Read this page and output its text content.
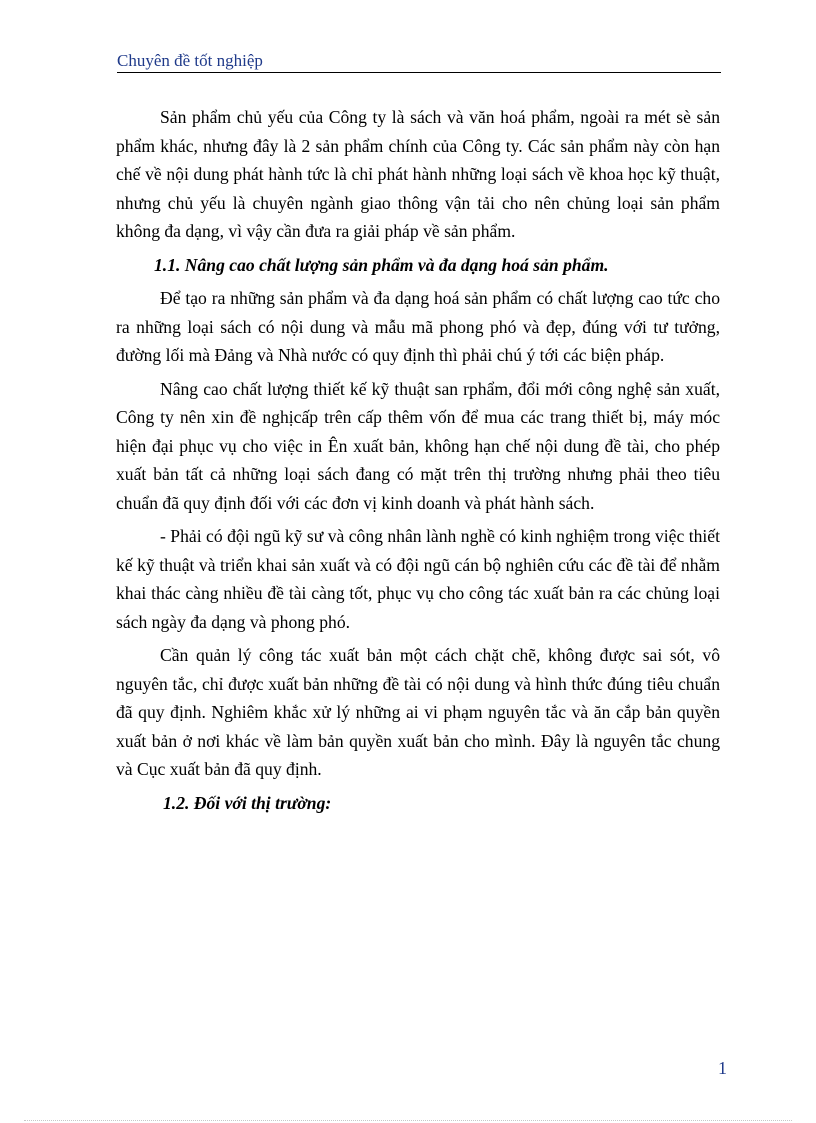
Chuyên đề tốt nghiệp

Sản phẩm chủ yếu của Công ty là sách và văn hoá phẩm, ngoài ra mét sè sản phẩm khác, nhưng đây là 2 sản phẩm chính của Công ty. Các sản phẩm này còn hạn chế về nội dung phát hành tức là chỉ phát hành những loại sách về khoa học kỹ thuật, nhưng chủ yếu là chuyên ngành giao thông vận tải cho nên chủng loại sản phẩm không đa dạng, vì vậy cần đưa ra giải pháp về sản phẩm.

1.1. Nâng cao chất lượng sản phẩm và đa dạng hoá sản phẩm.

Để tạo ra những sản phẩm và đa dạng hoá sản phẩm có chất lượng cao tức cho ra những loại sách có nội dung và mẫu mã phong phó và đẹp, đúng với tư tưởng, đường lối mà Đảng và Nhà nước có quy định thì phải chú ý tới các biện pháp.

Nâng cao chất lượng thiết kế kỹ thuật san rphẩm, đổi mới công nghệ sản xuất, Công ty nên xin đề nghịcấp trên cấp thêm vốn để mua các trang thiết bị, máy móc hiện đại phục vụ cho việc in Ên xuất bản, không hạn chế nội dung đề tài, cho phép xuất bản tất cả những loại sách đang có mặt trên thị trường nhưng phải theo tiêu chuẩn đã quy định đối với các đơn vị kinh doanh và phát hành sách.

- Phải có đội ngũ kỹ sư và công nhân lành nghề có kinh nghiệm trong việc thiết kế kỹ thuật và triển khai sản xuất và có đội ngũ cán bộ nghiên cứu các đề tài để nhằm khai thác càng nhiều đề tài càng tốt, phục vụ cho công tác xuất bản ra các chủng loại sách ngày đa dạng và phong phó.

Cần quản lý công tác xuất bản một cách chặt chẽ, không được sai sót, vô nguyên tắc, chỉ được xuất bản những đề tài có nội dung và hình thức đúng tiêu chuẩn đã quy định. Nghiêm khắc xử lý những ai vi phạm nguyên tắc và ăn cắp bản quyền xuất bản ở nơi khác về làm bản quyền xuất bản cho mình. Đây là nguyên tắc chung và Cục xuất bản đã quy định.

1.2. Đối với thị trường:

1
